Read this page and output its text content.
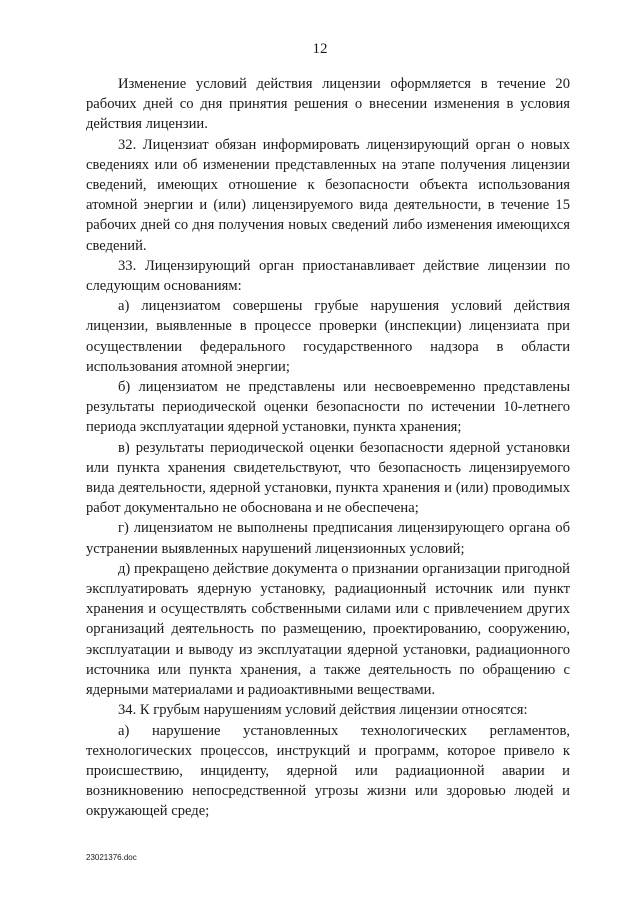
12

Изменение условий действия лицензии оформляется в течение 20 рабочих дней со дня принятия решения о внесении изменения в условия действия лицензии.

32. Лицензиат обязан информировать лицензирующий орган о новых сведениях или об изменении представленных на этапе получения лицензии сведений, имеющих отношение к безопасности объекта использования атомной энергии и (или) лицензируемого вида деятельности, в течение 15 рабочих дней со дня получения новых сведений либо изменения имеющихся сведений.

33. Лицензирующий орган приостанавливает действие лицензии по следующим основаниям:

а) лицензиатом совершены грубые нарушения условий действия лицензии, выявленные в процессе проверки (инспекции) лицензиата при осуществлении федерального государственного надзора в области использования атомной энергии;

б) лицензиатом не представлены или несвоевременно представлены результаты периодической оценки безопасности по истечении 10-летнего периода эксплуатации ядерной установки, пункта хранения;

в) результаты периодической оценки безопасности ядерной установки или пункта хранения свидетельствуют, что безопасность лицензируемого вида деятельности, ядерной установки, пункта хранения и (или) проводимых работ документально не обоснована и не обеспечена;

г) лицензиатом не выполнены предписания лицензирующего органа об устранении выявленных нарушений лицензионных условий;

д) прекращено действие документа о признании организации пригодной эксплуатировать ядерную установку, радиационный источник или пункт хранения и осуществлять собственными силами или с привлечением других организаций деятельность по размещению, проектированию, сооружению, эксплуатации и выводу из эксплуатации ядерной установки, радиационного источника или пункта хранения, а также деятельность по обращению с ядерными материалами и радиоактивными веществами.

34. К грубым нарушениям условий действия лицензии относятся:

а) нарушение установленных технологических регламентов, технологических процессов, инструкций и программ, которое привело к происшествию, инциденту, ядерной или радиационной аварии и возникновению непосредственной угрозы жизни или здоровью людей и окружающей среде;

23021376.doc
